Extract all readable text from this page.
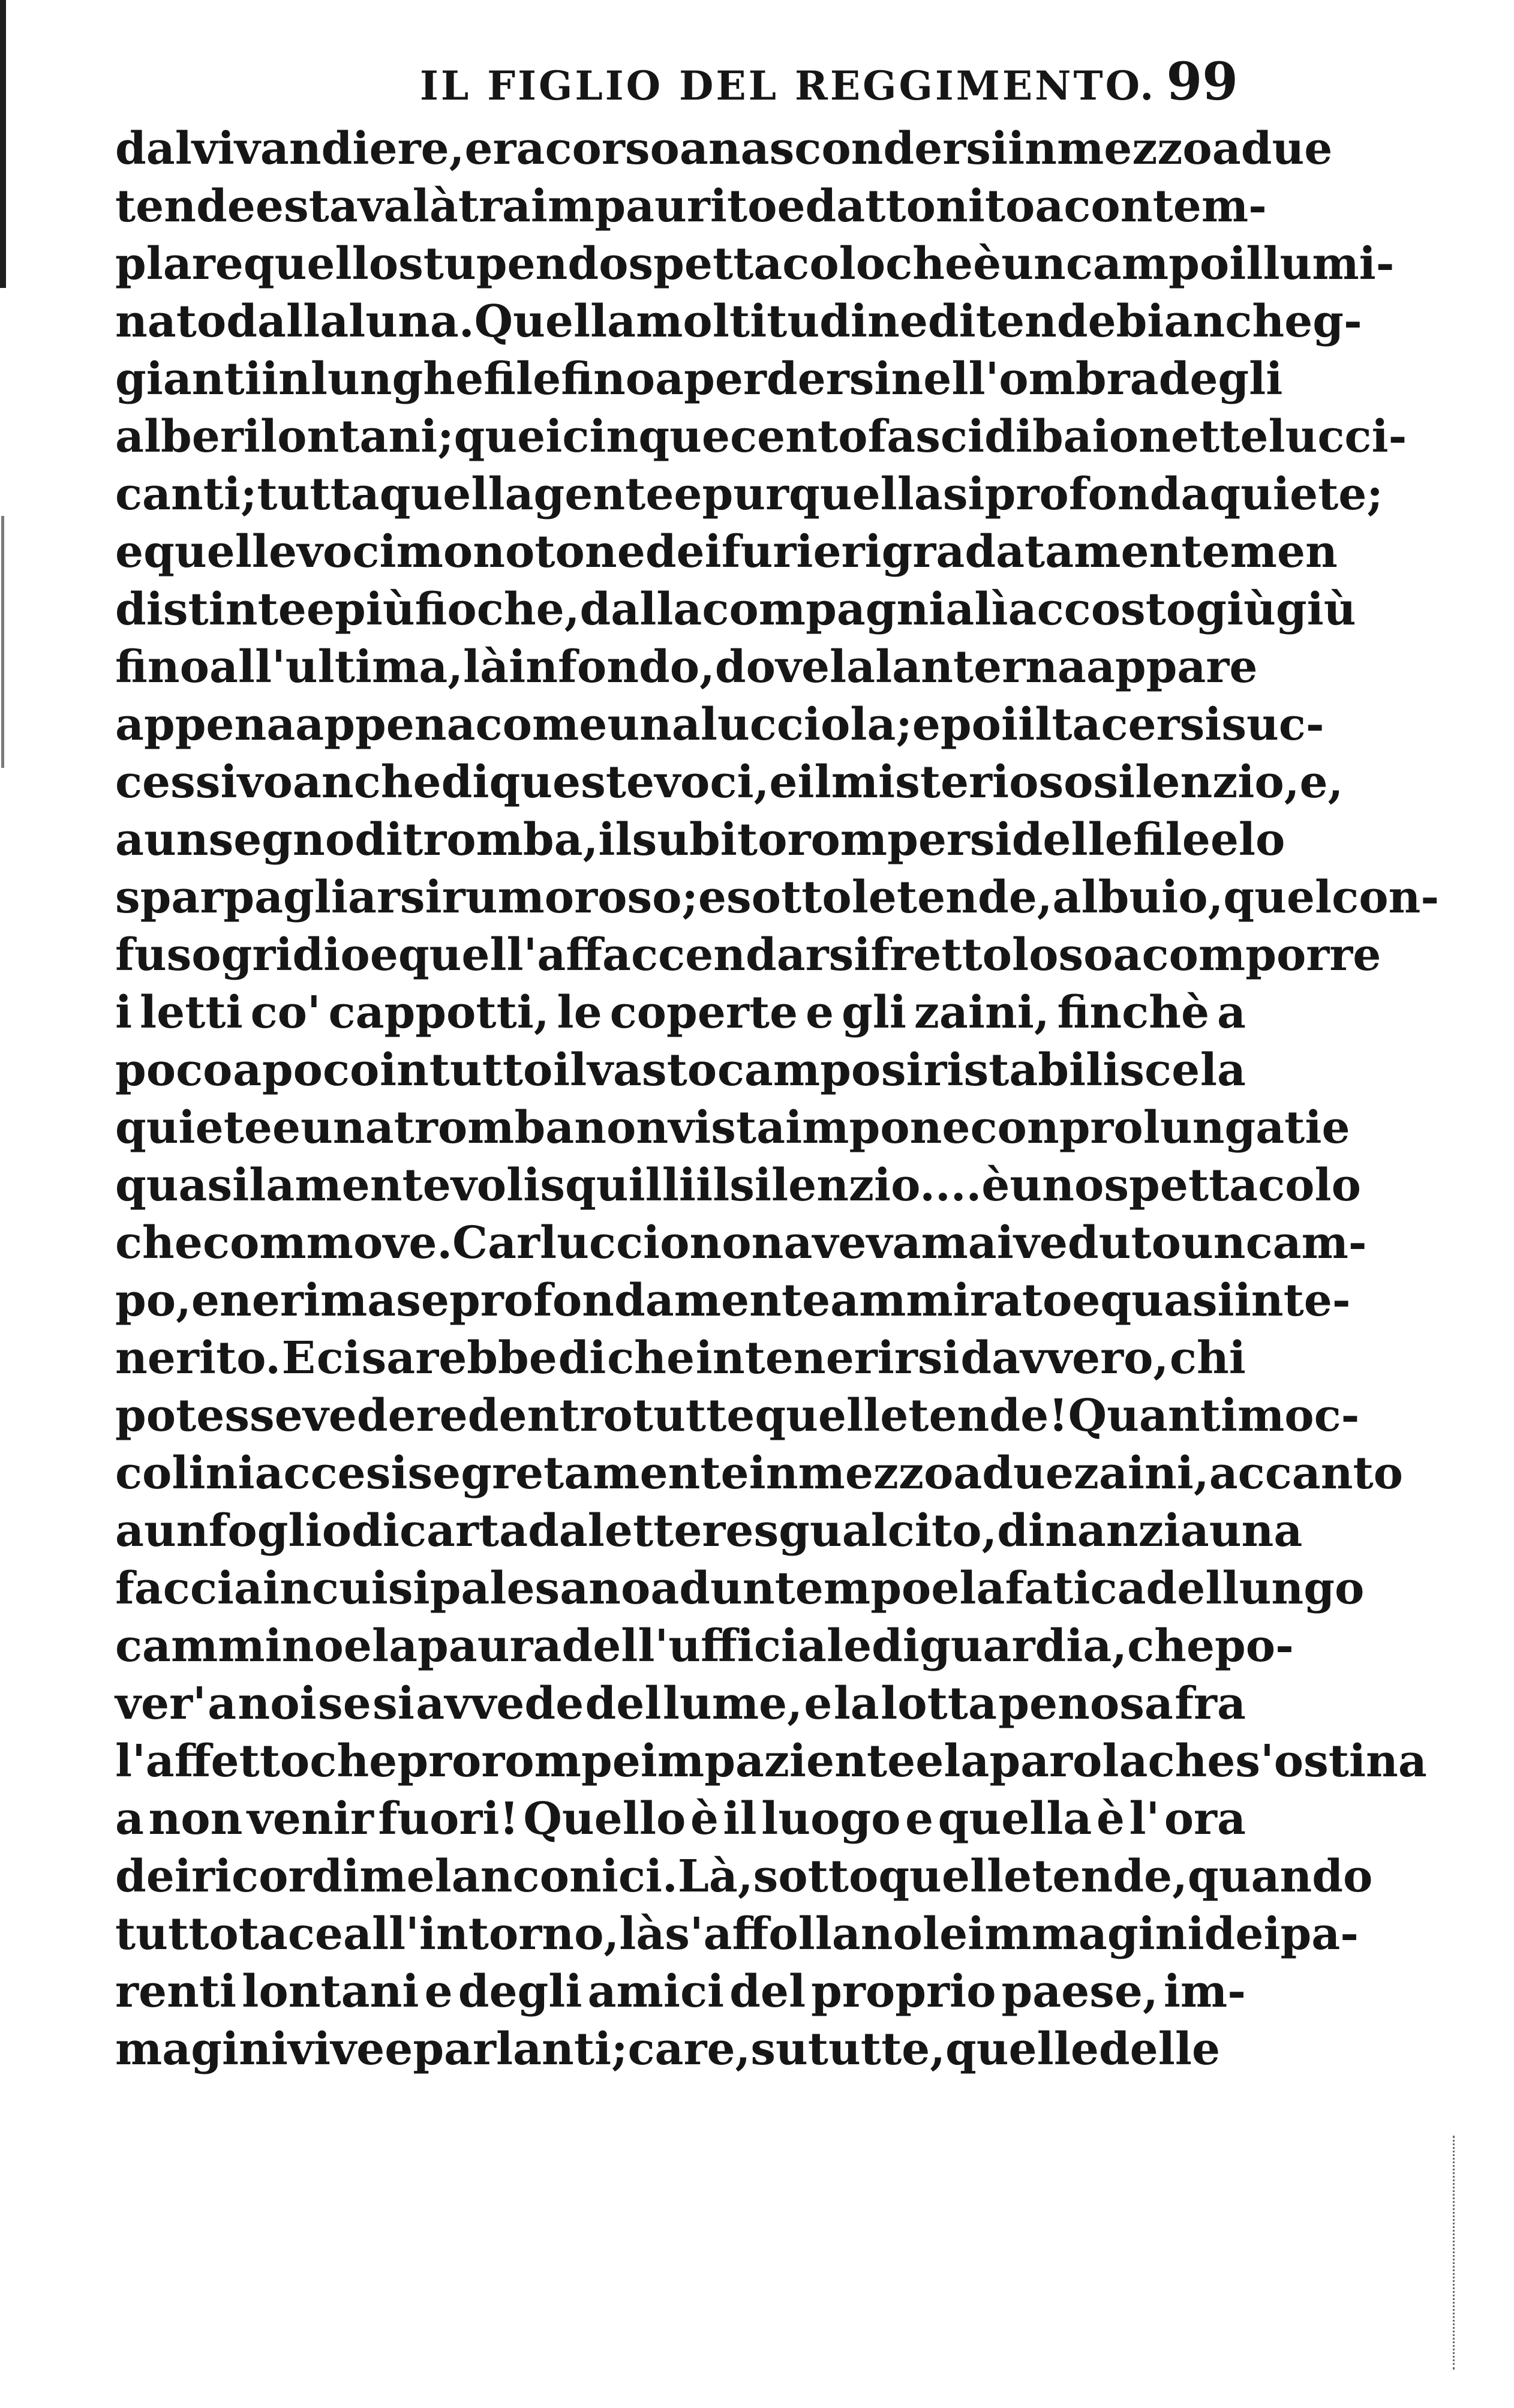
IL FIGLIO DEL REGGIMENTO. 99
dal vivandiere, era corso a nascondersi in mezzo a due
tende e stava là tra impaurito ed attonito a contem-
plare quello stupendo spettacolo che è un campo illumi-
nato dalla luna. Quella moltitudine di tende biancheg-
gianti in lunghe file fino a perdersi nell' ombra degli
alberi lontani; quei cinquecento fasci di baionette lucci-
canti; tutta quella gente e pur quella si profonda quiete;
e quelle voci monotone dei furieri gradatamente men
distinte e più fioche, dalla compagnia lì accosto giù giù
fino all' ultima, là in fondo, dove la lanterna appare
appena appena come una lucciola; e poi il tacersi suc-
cessivo anche di queste voci, e il misterioso silenzio, e,
a un segno di tromba, il subito rompersi delle file e lo
sparpagliarsi rumoroso; e sotto le tende, al buio, quel con-
fuso gridio e quell' affaccendarsi frettoloso a comporre
i letti co' cappotti, le coperte e gli zaini, finchè a
poco a poco in tutto il vasto campo si ristabilisce la
quiete e una tromba non vista impone con prolungati e
quasi lamentevoli squilli il silenzio.... è uno spettacolo
che commove. Carluccio non aveva mai veduto un cam-
po, e ne rimase profondamente ammirato e quasi inte-
nerito. E ci sarebbe di che intenerirsi davvero, chi
potesse vedere dentro tutte quelle tende! Quanti moc-
colini accesi segretamente in mezzo a due zaini, accanto
a un foglio di carta da lettere sgualcito, dinanzi a una
faccia in cui si palesano ad un tempo e la fatica del lungo
cammino e la paura dell' ufficiale di guardia, che po-
ver' a noi se si avvede del lume, e la lotta penosa fra
l' affetto che prorompe impaziente e la parola che s' ostina
a non venir fuori! Quello è il luogo e quella è l' ora
dei ricordi melanconici. Là, sotto quelle tende, quando
tutto tace all' intorno, là s' affollano le immagini dei pa-
renti lontani e degli amici del proprio paese, im-
magini vive e parlanti; care, su tutte, quelle delle
